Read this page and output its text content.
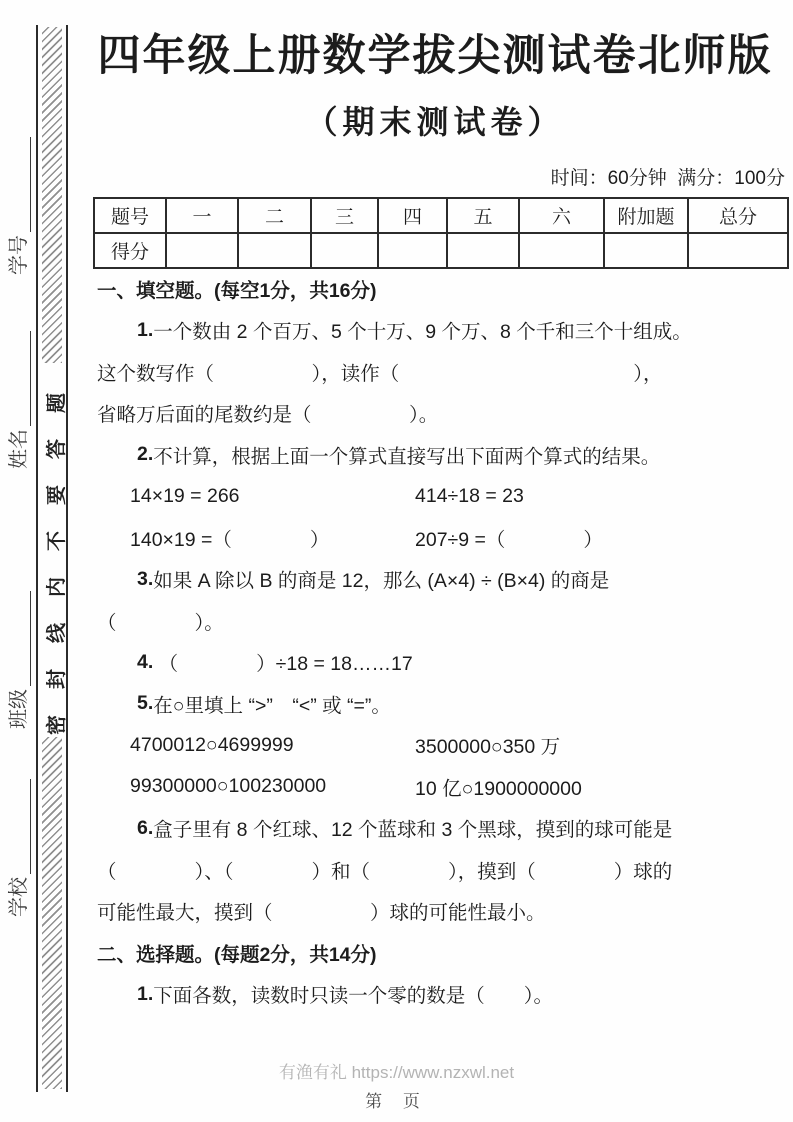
密封线内不要答题
学号
姓名
班级
学校
四年级上册数学拔尖测试卷北师版
（期末测试卷）
时间：60分钟  满分：100分
题号	一	二	三	四	五	六	附加题	总分
得分								
一、填空题。(每空1分，共16分)
1. 一个数由 2 个百万、5 个十万、9 个万、8 个千和三个十组成。
这个数写作（　　　　　），读作（　　　　　　　　　　　　），
省略万后面的尾数约是（　　　　　）。
2. 不计算，根据上面一个算式直接写出下面两个算式的结果。
14×19 = 266	414÷18 = 23
140×19 =（　　　　）	207÷9 =（　　　　）
3. 如果 A 除以 B 的商是 12，那么 (A×4) ÷ (B×4) 的商是
（　　　　）。
4. （　　　　）÷18 = 18……17
5. 在○里填上 “>”　“<” 或 “=”。
4700012○4699999	3500000○350 万
99300000○100230000	10 亿○1900000000
6. 盒子里有 8 个红球、12 个蓝球和 3 个黑球，摸到的球可能是
（　　　　）、（　　　　）和（　　　　），摸到（　　　　）球的
可能性最大，摸到（　　　　　）球的可能性最小。
二、选择题。(每题2分，共14分)
1. 下面各数，读数时只读一个零的数是（　　）。
有渔有礼 https://www.nzxwl.net
第 页
